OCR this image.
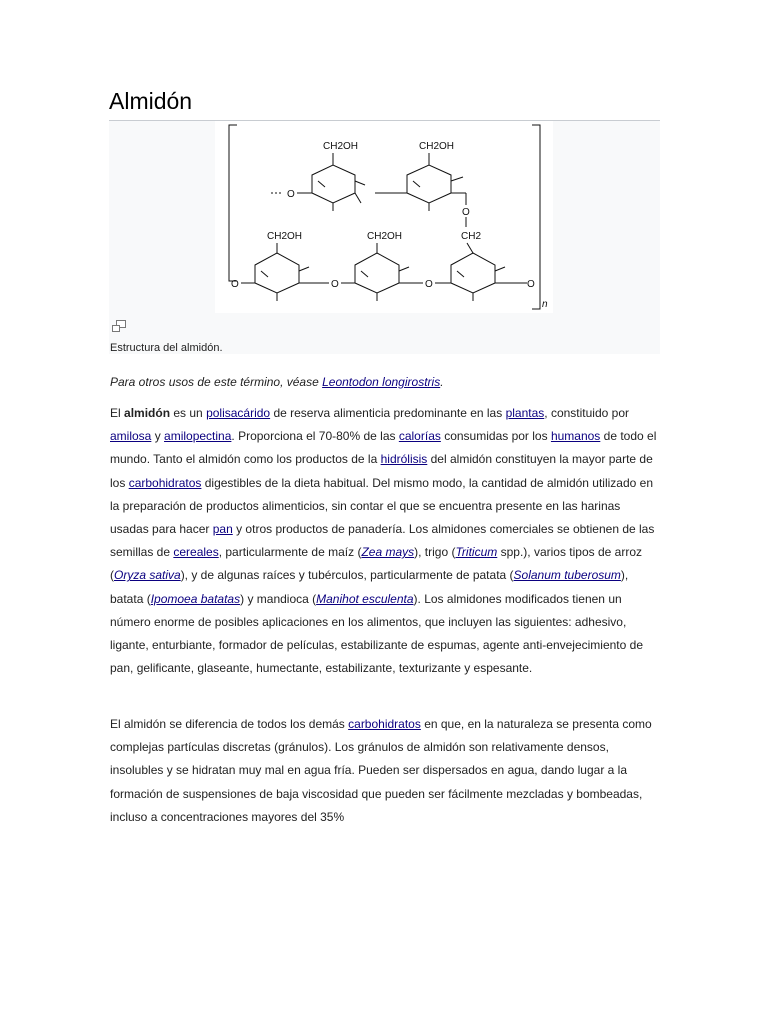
Almidón
CH2OH	CH2OH
CH2OH	CH2OH	CH2
O
O
O	O	O	O
n
Estructura del almidón.
Para otros usos de este término, véase Leontodon longirostris.

El almidón es un polisacárido de reserva alimenticia predominante en las plantas, constituido por amilosa y amilopectina. Proporciona el 70-80% de las calorías consumidas por los humanos de todo el mundo. Tanto el almidón como los productos de la hidrólisis del almidón constituyen la mayor parte de los carbohidratos digestibles de la dieta habitual. Del mismo modo, la cantidad de almidón utilizado en la preparación de productos alimenticios, sin contar el que se encuentra presente en las harinas usadas para hacer pan y otros productos de panadería. Los almidones comerciales se obtienen de las semillas de cereales, particularmente de maíz (Zea mays), trigo (Triticum spp.), varios tipos de arroz (Oryza sativa), y de algunas raíces y tubérculos, particularmente de patata (Solanum tuberosum), batata (Ipomoea batatas) y mandioca (Manihot esculenta). Los almidones modificados tienen un número enorme de posibles aplicaciones en los alimentos, que incluyen las siguientes: adhesivo, ligante, enturbiante, formador de películas, estabilizante de espumas, agente anti-envejecimiento de pan, gelificante, glaseante, humectante, estabilizante, texturizante y espesante.

El almidón se diferencia de todos los demás carbohidratos en que, en la naturaleza se presenta como complejas partículas discretas (gránulos). Los gránulos de almidón son relativamente densos, insolubles y se hidratan muy mal en agua fría. Pueden ser dispersados en agua, dando lugar a la formación de suspensiones de baja viscosidad que pueden ser fácilmente mezcladas y bombeadas, incluso a concentraciones mayores del 35%
